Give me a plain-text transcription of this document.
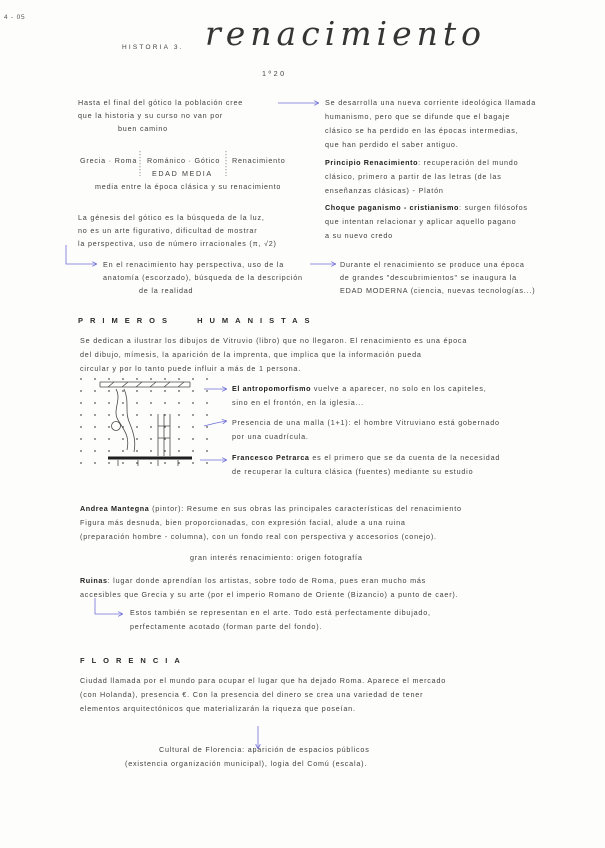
4 - 05
HISTORIA 3. renacimiento
1º20
Hasta el final del gótico la población cree
que la historia y su curso no van por
buen camino
Grecia · Roma Románico · Gótico Renacimiento
EDAD MEDIA
media entre la época clásica y su renacimiento
La génesis del gótico es la búsqueda de la luz,
no es un arte figurativo, dificultad de mostrar
la perspectiva, uso de número irracionales (π, √2)
En el renacimiento hay perspectiva, uso de la
anatomía (escorzado), búsqueda de la descripción
de la realidad
Se desarrolla una nueva corriente ideológica llamada
humanismo, pero que se difunde que el bagaje
clásico se ha perdido en las épocas intermedias,
que han perdido el saber antiguo.
Principio Renacimiento: recuperación del mundo
clásico, primero a partir de las letras (de las
enseñanzas clásicas) - Platón
Choque paganismo - cristianismo: surgen filósofos
que intentan relacionar y aplicar aquello pagano
a su nuevo credo
Durante el renacimiento se produce una época
de grandes "descubrimientos" se inaugura la
EDAD MODERNA (ciencia, nuevas tecnologías...)
PRIMEROS HUMANISTAS
Se dedican a ilustrar los dibujos de Vitruvio (libro) que no llegaron. El renacimiento es una época
del dibujo, mímesis, la aparición de la imprenta, que implica que la información pueda
circular y por lo tanto puede influir a más de 1 persona.
El antropomorfismo vuelve a aparecer, no solo en los capiteles,
sino en el frontón, en la iglesia...
Presencia de una malla (1+1): el hombre Vitruviano está gobernado
por una cuadrícula.
Francesco Petrarca es el primero que se da cuenta de la necesidad
de recuperar la cultura clásica (fuentes) mediante su estudio
Andrea Mantegna (pintor): Resume en sus obras las principales características del renacimiento
Figura más desnuda, bien proporcionadas, con expresión facial, alude a una ruina
(preparación hombre - columna), con un fondo real con perspectiva y accesorios (conejo).
gran interés renacimiento: origen fotografía
Ruinas: lugar donde aprendían los artistas, sobre todo de Roma, pues eran mucho más
accesibles que Grecia y su arte (por el imperio Romano de Oriente (Bizancio) a punto de caer).
Estos también se representan en el arte. Todo está perfectamente dibujado,
perfectamente acotado (forman parte del fondo).
FLORENCIA
Ciudad llamada por el mundo para ocupar el lugar que ha dejado Roma. Aparece el mercado
(con Holanda), presencia €. Con la presencia del dinero se crea una variedad de tener
elementos arquitectónicos que materializarán la riqueza que poseían.
Cultural de Florencia: aparición de espacios públicos
(existencia organización municipal), logia del Comú (escala).
